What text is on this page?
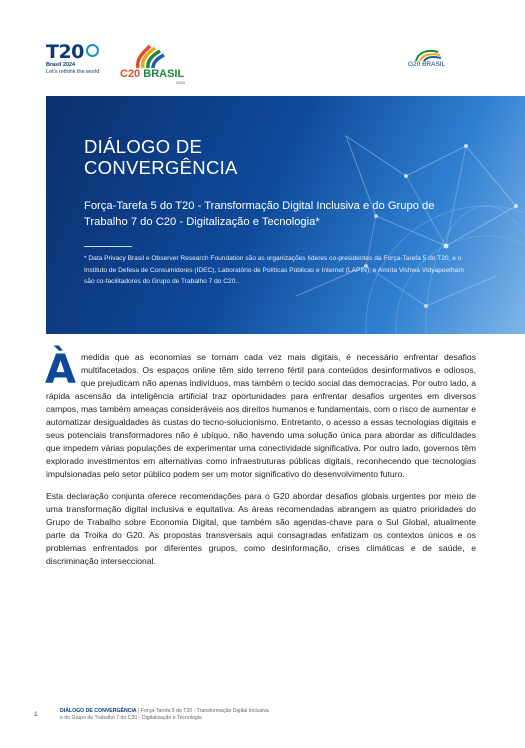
T20
Brasil 2024
Let's rethink the world C20 BRASIL
2024
G20 BRASIL
DIÁLOGO DE
CONVERGÊNCIA
Força-Tarefa 5 do T20 - Transformação Digital Inclusiva e do Grupo de Trabalho 7 do C20 - Digitalização e Tecnologia*
* Data Privacy Brasil e Observer Research Foundation são as organizações líderes co-presidentes da Força-Tarefa 5 do T20, e o Instituto de Defesa de Consumidores (IDEC), Laboratório de Políticas Públicas e Internet (LAPIN), e Amrita Vishwa Vidyapeetham são co-facilitadores do Grupo de Trabalho 7 do C20..

À medida que as economias se tornam cada vez mais digitais, é necessário enfrentar desafios multifacetados. Os espaços online têm sido terreno fértil para conteúdos desinformativos e odiosos, que prejudicam não apenas indivíduos, mas também o tecido social das democracias. Por outro lado, a rápida ascensão da inteligência artificial traz oportunidades para enfrentar desafios urgentes em diversos campos, mas também ameaças consideráveis aos direitos humanos e fundamentais, com o risco de aumentar e automatizar desigualdades às custas do tecno-solucionismo. Entretanto, o acesso a essas tecnologias digitais e seus potenciais transformadores não é ubíquo, não havendo uma solução única para abordar as dificuldades que impedem várias populações de experimentar uma conectividade significativa. Por outro lado, governos têm explorado investimentos em alternativas como infraestruturas públicas digitais, reconhecendo que tecnologias impulsionadas pelo setor público podem ser um motor significativo do desenvolvimento futuro.

Esta declaração conjunta oferece recomendações para o G20 abordar desafios globais urgentes por meio de uma transformação digital inclusiva e equitativa. As áreas recomendadas abrangem as quatro prioridades do Grupo de Trabalho sobre Economia Digital, que também são agendas-chave para o Sul Global, atualmente parte da Troika do G20. As propostas transversais aqui consagradas enfatizam os contextos únicos e os problemas enfrentados por diferentes grupos, como desinformação, crises climáticas e de saúde, e discriminação interseccional.

1	DIÁLOGO DE CONVERGÊNCIA | Força-Tarefa 5 do T20 - Transformação Digital Inclusiva
e do Grupo de Trabalho 7 do C20 - Digitalização e Tecnologia
